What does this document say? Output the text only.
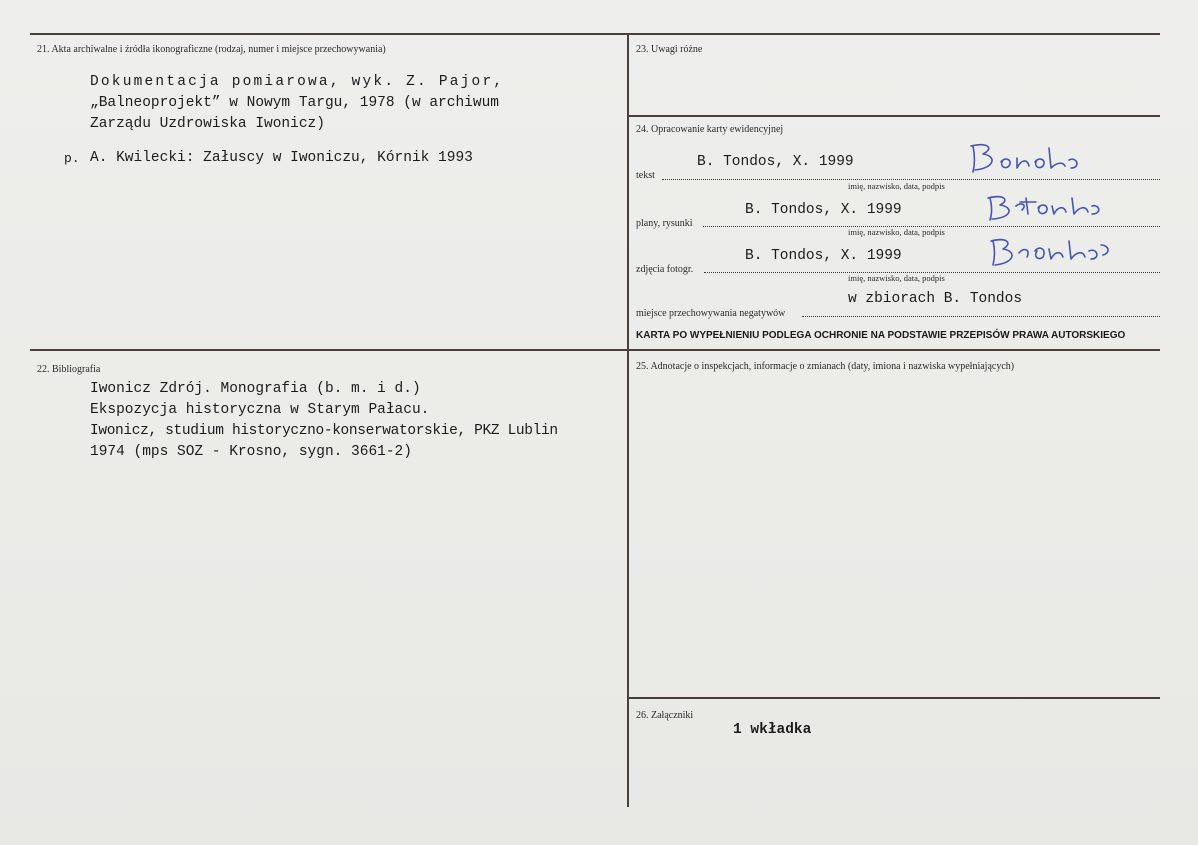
21. Akta archiwalne i źródła ikonograficzne (rodzaj, numer i miejsce przechowywania)
Dokumentacja pomiarowa, wyk. Z. Pajor,
„Balneoprojekt” w Nowym Targu, 1978 (w archiwum
Zarządu Uzdrowiska Iwonicz)
p. A. Kwilecki: Załuscy w Iwoniczu, Kórnik 1993
22. Bibliografia
Iwonicz Zdrój. Monografia (b. m. i d.)
Ekspozycja historyczna w Starym Pałacu.
Iwonicz, studium historyczno-konserwatorskie, PKZ Lublin
1974 (mps SOZ - Krosno, sygn. 3661-2)
23. Uwagi różne
24. Opracowanie karty ewidencyjnej
B. Tondos, X. 1999
tekst
imię, nazwisko, data, podpis
B. Tondos, X. 1999
plany, rysunki
imię, nazwisko, data, podpis
B. Tondos, X. 1999
zdjęcia fotogr.
imię, nazwisko, data, podpis
w zbiorach B. Tondos
miejsce przechowywania negatywów
KARTA PO WYPEŁNIENIU PODLEGA OCHRONIE NA PODSTAWIE PRZEPISÓW PRAWA AUTORSKIEGO
25. Adnotacje o inspekcjach, informacje o zmianach (daty, imiona i nazwiska wypełniających)
26. Załączniki
1 wkładka
